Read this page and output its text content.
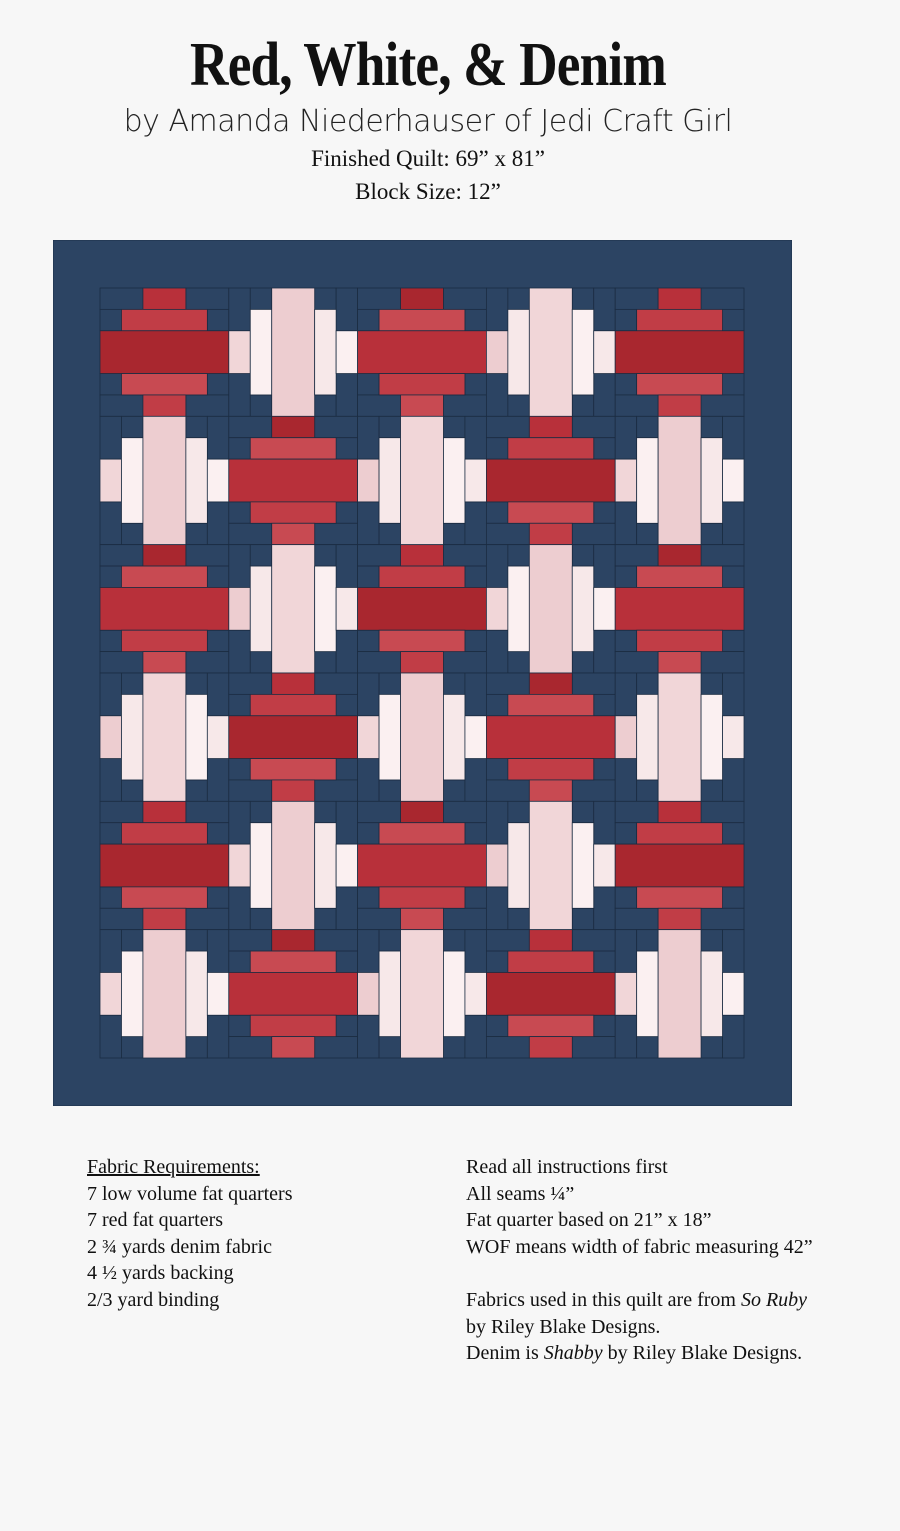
Red, White, & Denim
by Amanda Niederhauser of Jedi Craft Girl
Finished Quilt: 69” x 81”
Block Size: 12”
Fabric Requirements:
7 low volume fat quarters
7 red fat quarters
2 ¾ yards denim fabric
4 ½ yards backing
2/3 yard binding
Read all instructions first
All seams ¼”
Fat quarter based on 21” x 18”
WOF means width of fabric measuring 42”
Fabrics used in this quilt are from So Ruby
by Riley Blake Designs.
Denim is Shabby by Riley Blake Designs.
